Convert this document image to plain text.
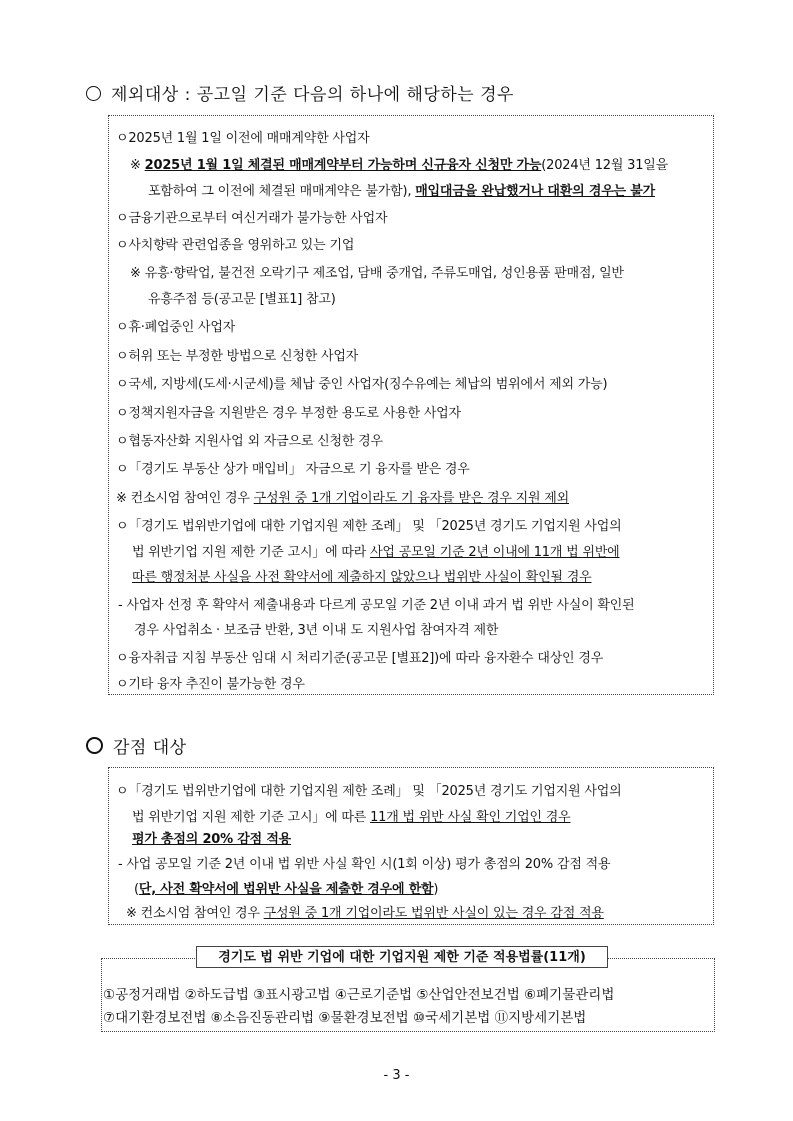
제외대상 : 공고일 기준 다음의 하나에 해당하는 경우
ㅇ2025년 1월 1일 이전에 매매계약한 사업자
※ 2025년 1월 1일 체결된 매매계약부터 가능하며 신규융자 신청만 가능(2024년 12월 31일을
포함하여 그 이전에 체결된 매매계약은 불가함), 매입대금을 완납했거나 대환의 경우는 불가
ㅇ금융기관으로부터 여신거래가 불가능한 사업자
ㅇ사치향락 관련업종을 영위하고 있는 기업
※ 유흥·향락업, 불건전 오락기구 제조업, 담배 중개업, 주류도매업, 성인용품 판매점, 일반
유흥주점 등(공고문 [별표1] 참고)
ㅇ휴·폐업중인 사업자
ㅇ허위 또는 부정한 방법으로 신청한 사업자
ㅇ국세, 지방세(도세·시군세)를 체납 중인 사업자(징수유예는 체납의 범위에서 제외 가능)
ㅇ정책지원자금을 지원받은 경우 부정한 용도로 사용한 사업자
ㅇ협동자산화 지원사업 외 자금으로 신청한 경우
ㅇ「경기도 부동산 상가 매입비」 자금으로 기 융자를 받은 경우
※ 컨소시엄 참여인 경우 구성원 중 1개 기업이라도 기 융자를 받은 경우 지원 제외
ㅇ「경기도 법위반기업에 대한 기업지원 제한 조례」 및 「2025년 경기도 기업지원 사업의
법 위반기업 지원 제한 기준 고시」에 따라 사업 공모일 기준 2년 이내에 11개 법 위반에
따른 행정처분 사실을 사전 확약서에 제출하지 않았으나 법위반 사실이 확인될 경우
- 사업자 선정 후 확약서 제출내용과 다르게 공모일 기준 2년 이내 과거 법 위반 사실이 확인된
경우 사업취소 · 보조금 반환, 3년 이내 도 지원사업 참여자격 제한
ㅇ융자취급 지침 부동산 임대 시 처리기준(공고문 [별표2])에 따라 융자환수 대상인 경우
ㅇ기타 융자 추진이 불가능한 경우
감점 대상
ㅇ「경기도 법위반기업에 대한 기업지원 제한 조례」 및 「2025년 경기도 기업지원 사업의
법 위반기업 지원 제한 기준 고시」에 따른 11개 법 위반 사실 확인 기업인 경우
평가 총점의 20% 감점 적용
- 사업 공모일 기준 2년 이내 법 위반 사실 확인 시(1회 이상) 평가 총점의 20% 감점 적용
(단, 사전 확약서에 법위반 사실을 제출한 경우에 한함)
※ 컨소시엄 참여인 경우 구성원 중 1개 기업이라도 법위반 사실이 있는 경우 감점 적용
경기도 법 위반 기업에 대한 기업지원 제한 기준 적용법률(11개)
①공정거래법 ②하도급법 ③표시광고법 ④근로기준법 ⑤산업안전보건법 ⑥폐기물관리법
⑦대기환경보전법 ⑧소음진동관리법 ⑨물환경보전법 ⑩국세기본법 ⑪지방세기본법
- 3 -
